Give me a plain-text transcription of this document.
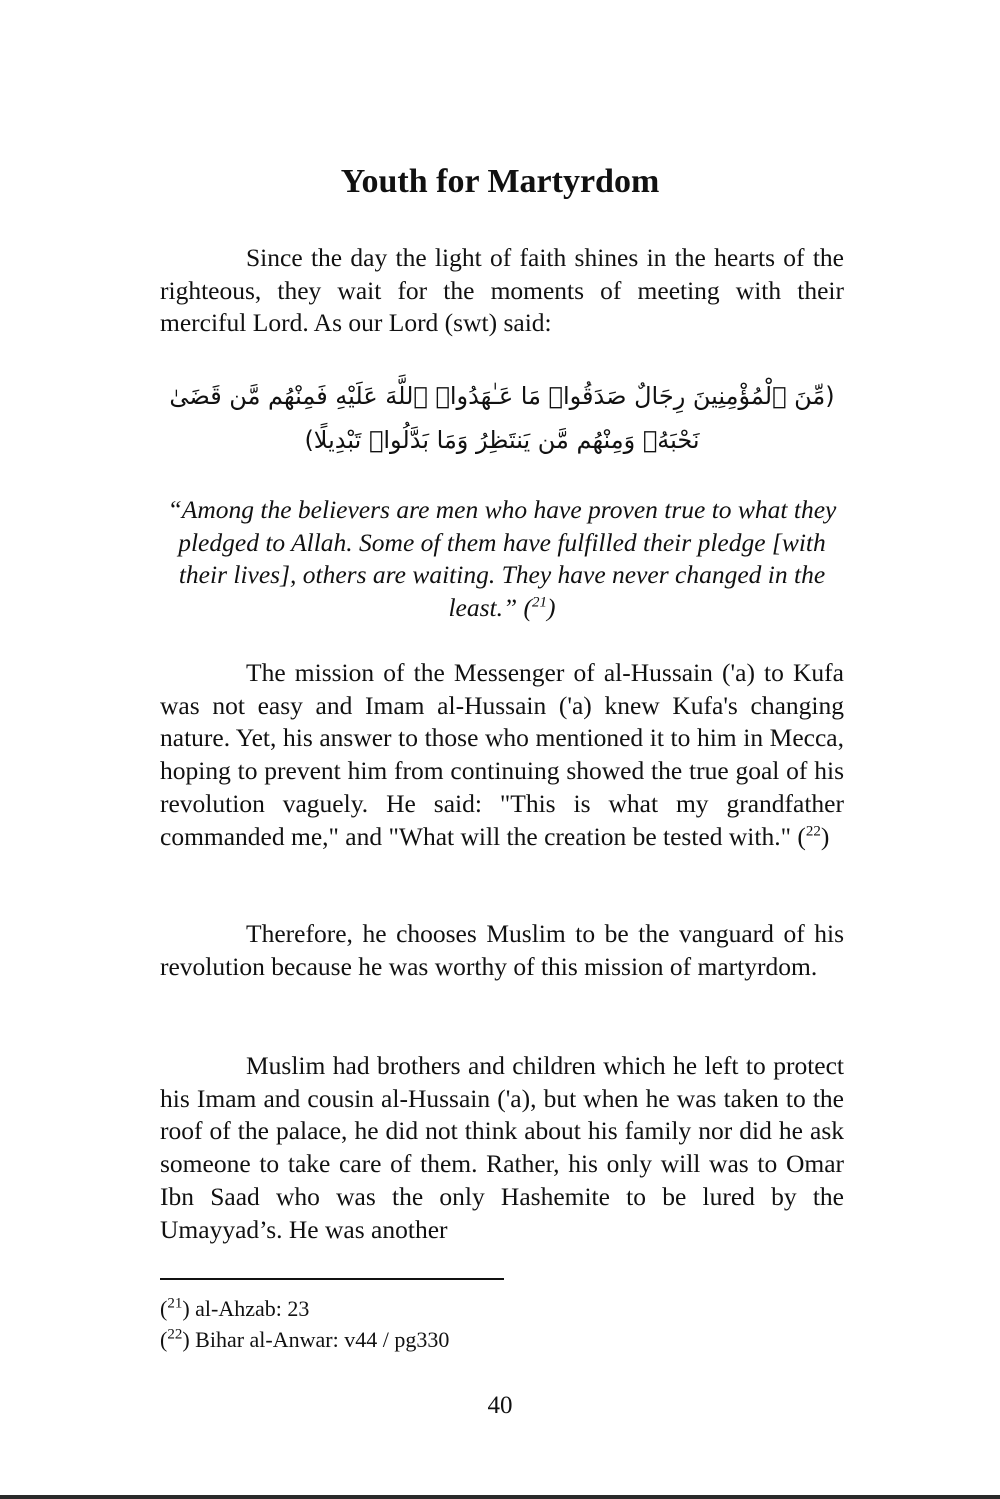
Youth for Martyrdom
Since the day the light of faith shines in the hearts of the righteous, they wait for the moments of meeting with their merciful Lord. As our Lord (swt) said:
(مِّنَ ٱلْمُؤْمِنِينَ رِجَالٌ صَدَقُوا۟ مَا عَـٰهَدُوا۟ ٱللَّهَ عَلَيْهِ فَمِنْهُم مَّن قَضَىٰ نَحْبَهُۥ وَمِنْهُم مَّن يَنتَظِرُ وَمَا بَدَّلُوا۟ تَبْدِيلًا)
“Among the believers are men who have proven true to what they pledged to Allah. Some of them have fulfilled their pledge [with their lives], others are waiting. They have never changed in the least.” ($^{21}$)
The mission of the Messenger of al-Hussain ('a) to Kufa was not easy and Imam al-Hussain ('a) knew Kufa's changing nature. Yet, his answer to those who mentioned it to him in Mecca, hoping to prevent him from continuing showed the true goal of his revolution vaguely. He said: "This is what my grandfather commanded me," and "What will the creation be tested with." ($^{22}$)
Therefore, he chooses Muslim to be the vanguard of his revolution because he was worthy of this mission of martyrdom.
Muslim had brothers and children which he left to protect his Imam and cousin al-Hussain ('a), but when he was taken to the roof of the palace, he did not think about his family nor did he ask someone to take care of them. Rather, his only will was to Omar Ibn Saad who was the only Hashemite to be lured by the Umayyad’s. He was another
($^{21}$) al-Ahzab: 23
($^{22}$) Bihar al-Anwar: v44 / pg330
40
